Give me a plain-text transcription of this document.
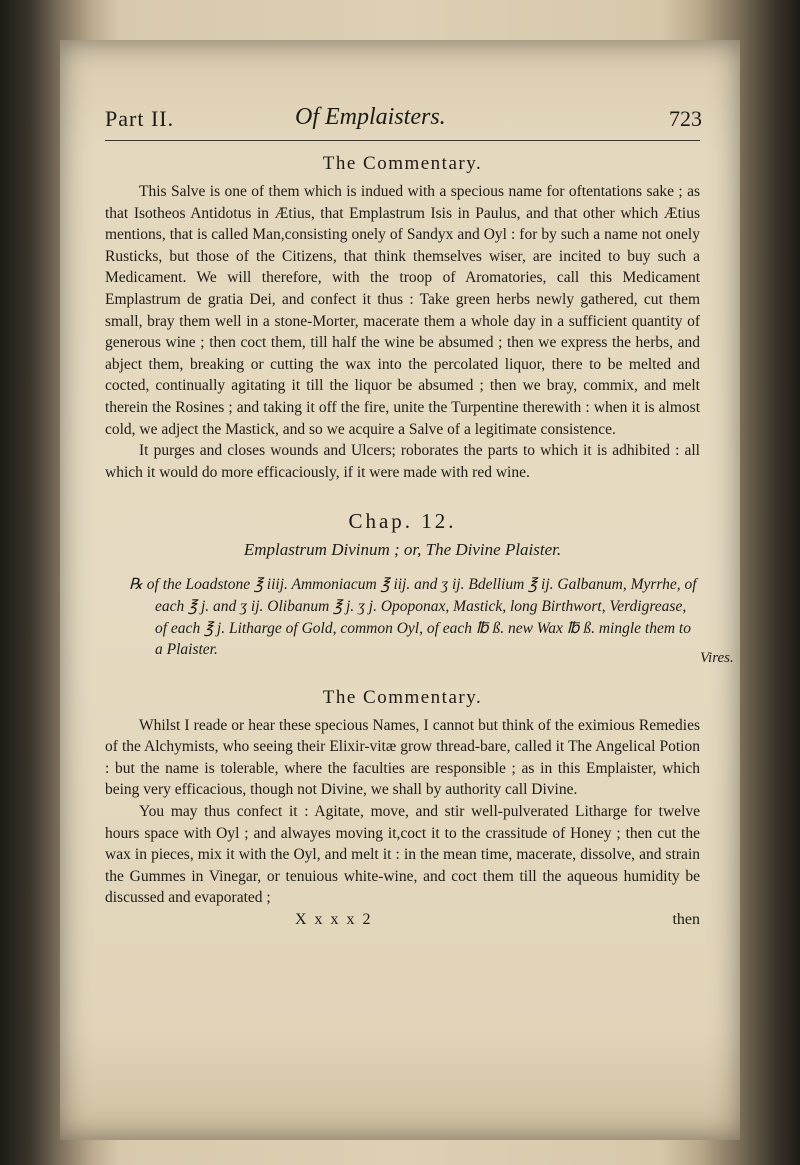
Part II.	Of Emplaisters.	723
The Commentary.

This Salve is one of them which is indued with a specious name for oftentations sake ; as that Isotheos Antidotus in Ætius, that Emplastrum Isis in Paulus, and that other which Ætius mentions, that is called Man,consisting onely of Sandyx and Oyl : for by such a name not onely Rusticks, but those of the Citizens, that think themselves wiser, are incited to buy such a Medicament. We will therefore, with the troop of Aromatories, call this Medicament Emplastrum de gratia Dei, and confect it thus : Take green herbs newly gathered, cut them small, bray them well in a stone-Morter, macerate them a whole day in a sufficient quantity of generous wine ; then coct them, till half the wine be absumed ; then we express the herbs, and abject them, breaking or cutting the wax into the percolated liquor, there to be melted and cocted, continually agitating it till the liquor be absumed ; then we bray, commix, and melt therein the Rosines ; and taking it off the fire, unite the Turpentine therewith : when it is almost cold, we adject the Mastick, and so we acquire a Salve of a legitimate consistence.

It purges and closes wounds and Ulcers; roborates the parts to which it is adhibited : all which it would do more efficaciously, if it were made with red wine.

Chap. 12.
Emplastrum Divinum ; or, The Divine Plaister.

℞ of the Loadstone ℥ iiij. Ammoniacum ℥ iij. and ʒ ij. Bdellium ℥ ij. Galbanum, Myrrhe, of each ℥ j. and ʒ ij. Olibanum ℥ j. ʒ j. Opoponax, Mastick, long Birthwort, Verdigrease, of each ℥ j. Litharge of Gold, common Oyl, of each ℔ ß. new Wax ℔ ß. mingle them to a Plaister.

The Commentary.

Whilst I reade or hear these specious Names, I cannot but think of the eximious Remedies of the Alchymists, who seeing their Elixir-vitæ grow thread-bare, called it The Angelical Potion : but the name is tolerable, where the faculties are responsible ; as in this Emplaister, which being very efficacious, though not Divine, we shall by authority call Divine.

You may thus confect it : Agitate, move, and stir well-pulverated Litharge for twelve hours space with Oyl ; and alwayes moving it,coct it to the crassitude of Honey ; then cut the wax in pieces, mix it with the Oyl, and melt it : in the mean time, macerate, dissolve, and strain the Gummes in Vinegar, or tenuious white-wine, and coct them till the aqueous humidity be discussed and evaporated ;

X x x x 2	then
Vires.
